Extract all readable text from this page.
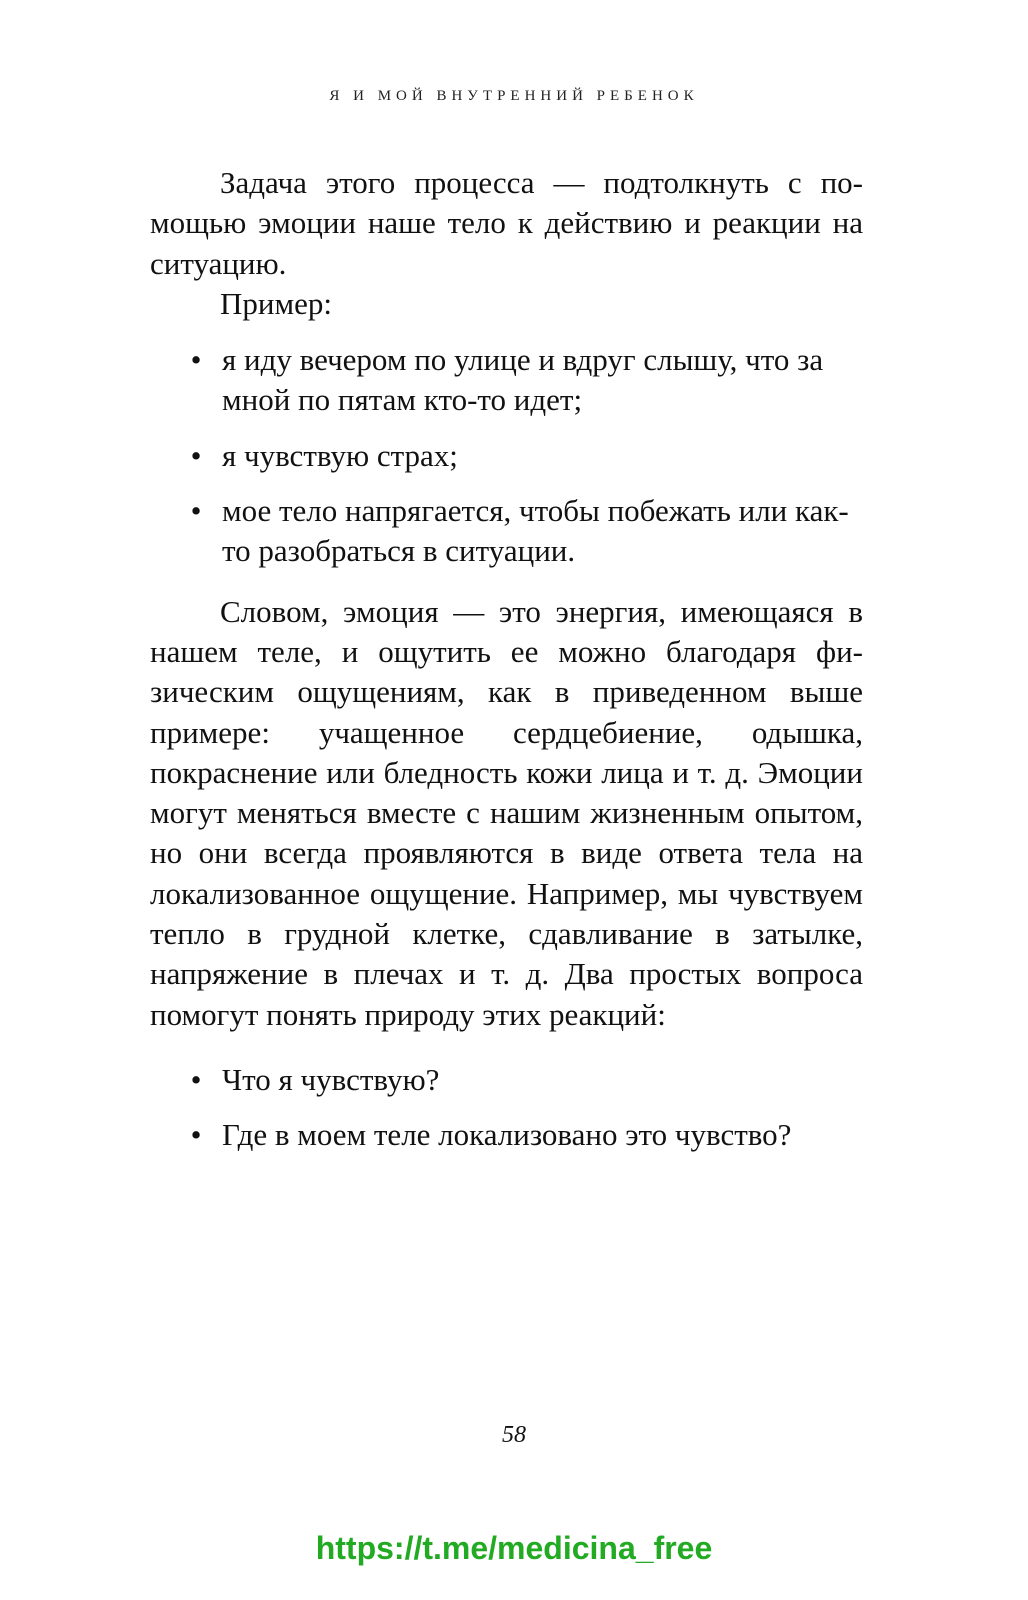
Я И МОЙ ВНУТРЕННИЙ РЕБЕНОК

Задача этого процесса — подтолкнуть с помощью эмоции наше тело к действию и реакции на ситуацию.

Пример:

• я иду вечером по улице и вдруг слышу, что за мной по пятам кто-то идет;
• я чувствую страх;
• мое тело напрягается, чтобы побежать или как-то разобраться в ситуации.

Словом, эмоция — это энергия, имеющаяся в нашем теле, и ощутить ее можно благодаря физическим ощущениям, как в приведенном выше примере: учащенное сердцебиение, одышка, покраснение или бледность кожи лица и т. д. Эмоции могут меняться вместе с нашим жизненным опытом, но они всегда проявляются в виде ответа тела на локализованное ощущение. Например, мы чувствуем тепло в грудной клетке, сдавливание в затылке, напряжение в плечах и т. д. Два простых вопроса помогут понять природу этих реакций:

• Что я чувствую?
• Где в моем теле локализовано это чувство?
58
https://t.me/medicina_free
